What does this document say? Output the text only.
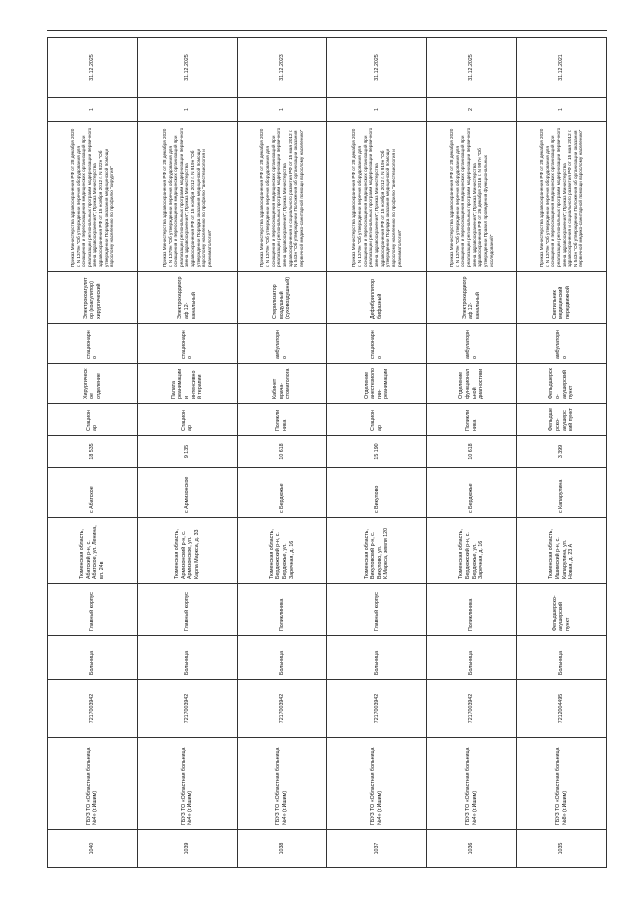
1040	ГБУЗ ТО «Областная больница №4» (г.Ишим)	7217003942	Больница	Главный корпус	Тюменская область, Абатский р-н, с. Абатское, ул. Ленина, вл. 24в	с Абатское	18 535	Стационар	Хирургическое отделение	стационарно	Электрокоагулятор (коагулятор) хирургический	Приказ Министерства здравоохранения РФ от 28 декабря 2020 г. N 1379н "Об утверждении перечня оборудования для оснащения и переоснащения медицинских организаций при реализации региональных программ модернизации первичного звена здравоохранения"; Приказ Министерства здравоохранения РФ от 15 ноября 2012 г. N 922н "Об утверждении Порядка оказания медицинской помощи взрослому населению по профилю "хирургия"	1	31.12.2025
1039	ГБУЗ ТО «Областная больница №4» (г.Ишим)	7217003942	Больница	Главный корпус	Тюменская область, Армизонский р-н, с. Армизонское, ул. Карла Маркса, д. 33	с Армизонское	9 135	Стационар	Палата реанимации и интенсивной терапии	стационарно	Электрокардиограф 12-канальный	Приказ Министерства здравоохранения РФ от 28 декабря 2020 г. N 1379н "Об утверждении перечня оборудования для оснащения и переоснащения медицинских организаций при реализации региональных программ модернизации первичного звена здравоохранения"; Приказ Министерства здравоохранения РФ от 15 ноября 2012 г. N 919н "Об утверждении Порядка оказания медицинской помощи взрослому населению по профилю "анестезиология и реаниматология"	1	31.12.2025
1038	ГБУЗ ТО «Областная больница №4» (г.Ишим)	7217003942	Больница	Поликлиника	Тюменская область, Бердюжский р-н, с. Бердюжье, ул. Заречная, д. 16	с Бердюжье	10 618	Поликлиника	Кабинет врача-стоматолога	амбулаторно	Стерилизатор воздушный (суховоздушный)	Приказ Министерства здравоохранения РФ от 28 декабря 2020 г. N 1379н "Об утверждении перечня оборудования для оснащения и переоснащения медицинских организаций при реализации региональных программ модернизации первичного звена здравоохранения"; Приказ Министерства здравоохранения и социального развития РФ от 15 мая 2012 г. N 543н "Об утверждении Положения об организации оказания первичной медико-санитарной помощи взрослому населению"	1	31.12.2023
1037	ГБУЗ ТО «Областная больница №4» (г.Ишим)	7217003942	Больница	Главный корпус	Тюменская область, Викуловский р-н, с. Викулово, ул. К.Маркса, земля 120	с Викулово	15 190	Стационар	Отделение анестезиологии-реанимации	стационарно	Дефибриллятор бифазный	Приказ Министерства здравоохранения РФ от 28 декабря 2020 г. N 1379н "Об утверждении перечня оборудования для оснащения и переоснащения медицинских организаций при реализации региональных программ модернизации первичного звена здравоохранения"; Приказ Министерства здравоохранения РФ от 15 ноября 2012 г. N 919н "Об утверждении Порядка оказания медицинской помощи взрослому населению по профилю "анестезиология и реаниматология"	1	31.12.2025
1036	ГБУЗ ТО «Областная больница №4» (г.Ишим)	7217003942	Больница	Поликлиника	Тюменская область, Бердюжский р-н, с. Бердюжье, ул. Заречная, д. 16	с Бердюжье	10 618	Поликлиника	Отделение функциональной диагностики	амбулаторно	Электрокардиограф 12-канальный	Приказ Министерства здравоохранения РФ от 28 декабря 2020 г. N 1379н "Об утверждении перечня оборудования для оснащения и переоснащения медицинских организаций при реализации региональных программ модернизации первичного звена здравоохранения"; Приказ Министерства здравоохранения РФ от 26 декабря 2016 г. N 997н "Об утверждении Правил проведения функциональных исследований"	2	31.12.2025
1035	ГБУЗ ТО «Областная больница №8» (г.Ишим)	7212004495	Больница	Фельдшерско-акушерский пункт	Тюменская область, Ишимский р-н, с. Капарулина, ул. Новая, д. 23 А	с Капарулина	3 399	Фельдшерско-акушерский пункт	Фельдшерско-акушерский пункт	амбулаторно	Светильник медицинский передвижной	Приказ Министерства здравоохранения РФ от 28 декабря 2020 г. N 1379н "Об утверждении перечня оборудования для оснащения и переоснащения медицинских организаций при реализации региональных программ модернизации первичного звена здравоохранения"; Приказ Министерства здравоохранения и социального развития РФ от 15 мая 2012 г. N 543н "Об утверждении Положения об организации оказания первичной медико-санитарной помощи взрослому населению"	1	31.12.2021
